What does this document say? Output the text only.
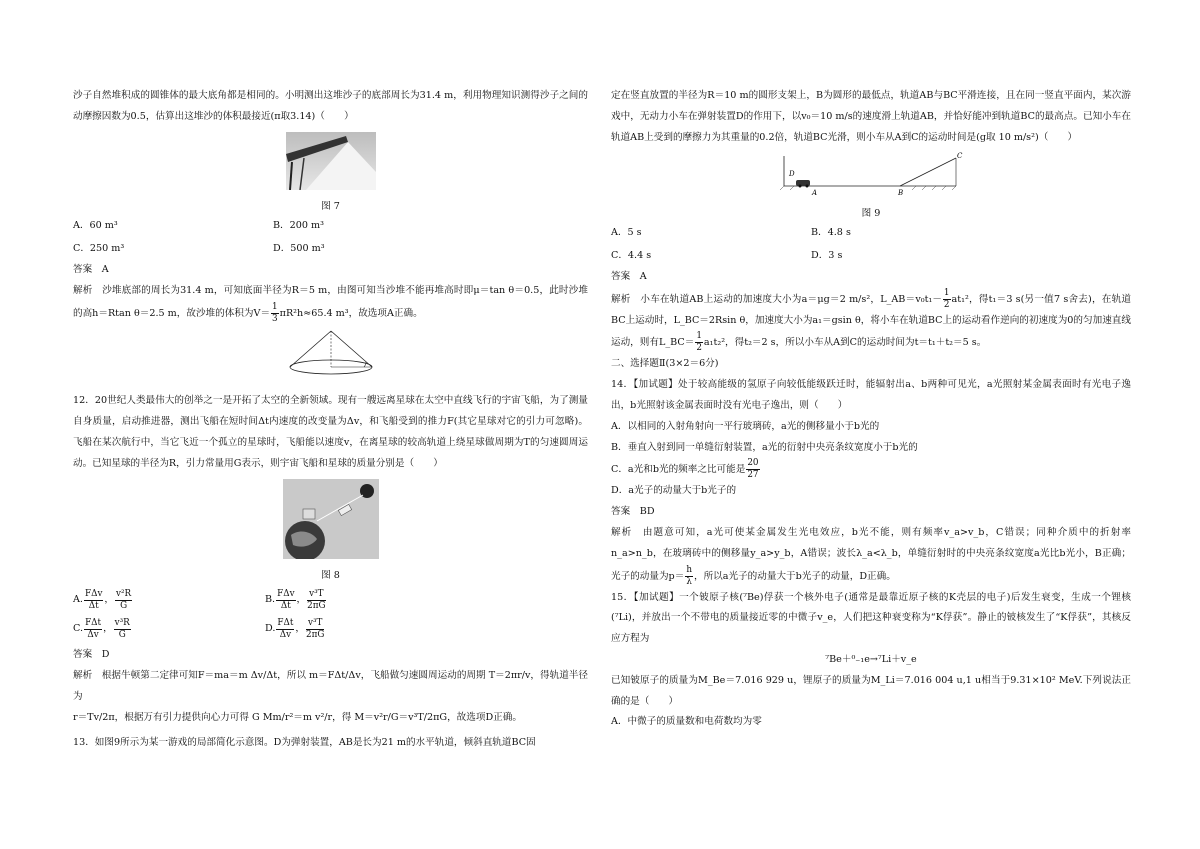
沙子自然堆积成的圆锥体的最大底角都是相同的。小明测出这堆沙子的底部周长为31.4 m，利用物理知识测得沙子之间的动摩擦因数为0.5，估算出这堆沙的体积最接近(π取3.14)（　　）

图 7

A．60 m³	B．200 m³
C．250 m³	D．500 m³

答案　A

解析　沙堆底部的周长为31.4 m，可知底面半径为R＝5 m，由图可知当沙堆不能再堆高时即μ＝tan θ＝0.5，此时沙堆的高h＝Rtan θ＝2.5 m，故沙堆的体积为$V= \frac{1}{3} \pi R^2h\approx 65.4$ m³，故选项A正确。

12．20世纪人类最伟大的创举之一是开拓了太空的全新领域。现有一艘远离星球在太空中直线飞行的宇宙飞船，为了测量自身质量，启动推进器，测出飞船在短时间Δt内速度的改变量为Δv，和飞船受到的推力F(其它星球对它的引力可忽略)。飞船在某次航行中，当它飞近一个孤立的星球时，飞船能以速度v，在离星球的较高轨道上绕星球做周期为T的匀速圆周运动。已知星球的半径为R，引力常量用G表示，则宇宙飞船和星球的质量分别是（　　）

图 8

A. $\frac{\text{FΔv}}{\Delta t}$ ， $\frac{\text{v²R}}{G}$	B. $\frac{\text{FΔv}}{\Delta t}$ ， $\frac{\text{v³T}}{2\pi G}$
C. $\frac{\text{FΔt}}{\Delta v}$ ， $\frac{\text{v³R}}{G}$	D. $\frac{\text{FΔt}}{\Delta v}$ ， $\frac{\text{v³T}}{2\pi G}$

答案　D

解析　根据牛顿第二定律可知F＝ma＝m Δv/Δt，所以 m＝FΔt/Δv，飞船做匀速圆周运动的周期 T＝2πr/v，得轨道半径为

r＝Tv/2π，根据万有引力提供向心力可得 G Mm/r²＝m v²/r，得 M＝v²r/G＝v³T/2πG，故选项D正确。

13．如图9所示为某一游戏的局部简化示意图。D为弹射装置，AB是长为21 m的水平轨道，倾斜直轨道BC固

定在竖直放置的半径为R＝10 m的圆形支架上，B为圆形的最低点，轨道AB与BC平滑连接，且在同一竖直平面内，某次游戏中，无动力小车在弹射装置D的作用下，以v₀＝10 m/s的速度滑上轨道AB，并恰好能冲到轨道BC的最高点。已知小车在轨道AB上受到的摩擦力为其重量的0.2倍，轨道BC光滑，则小车从A到C的运动时间是(g取 10 m/s²)（　　）

D
A	B
C

图 9

A．5 s	B．4.8 s
C．4.4 s	D．3 s

答案　A

解析　小车在轨道AB上运动的加速度大小为a＝μg＝2 m/s²，L_AB＝v₀t₁－ $\frac{1}{2} at_1^2$，得t₁＝3 s(另一值7 s舍去)，在轨道BC上运动时，L_BC＝2Rsin θ，加速度大小为a₁＝gsin θ，将小车在轨道BC上的运动看作逆向的初速度为0的匀加速直线运动，则有L_BC＝ $\frac{1}{2} a_1t_2^2$，得t₂＝2 s，所以小车从A到C的运动时间为t＝t₁＋t₂＝5 s。

二、选择题Ⅱ(3×2＝6分)

14．【加试题】处于较高能级的氢原子向较低能级跃迁时，能辐射出a、b两种可见光，a光照射某金属表面时有光电子逸出，b光照射该金属表面时没有光电子逸出，则（　　）

A．以相同的入射角射向一平行玻璃砖，a光的侧移量小于b光的

B．垂直入射到同一单缝衍射装置，a光的衍射中央亮条纹宽度小于b光的

C．a光和b光的频率之比可能是 $\frac{20}{27}$

D．a光子的动量大于b光子的

答案　BD

解析　由题意可知，a光可使某金属发生光电效应，b光不能，则有频率v_a>v_b，C错误；同种介质中的折射率n_a>n_b，在玻璃砖中的侧移量y_a>y_b，A错误；波长λ_a<λ_b，单缝衍射时的中央亮条纹宽度a光比b光小，B正确；光子的动量为$p= \frac{h}{\lambda}$ ，所以a光子的动量大于b光子的动量，D正确。

15．【加试题】一个铍原子核(⁷Be)俘获一个核外电子(通常是最靠近原子核的K壳层的电子)后发生衰变，生成一个锂核(⁷Li)，并放出一个不带电的质量接近零的中微子v_e，人们把这种衰变称为“K俘获”。静止的铍核发生了“K俘获”，其核反应方程为

⁷Be＋⁰₋₁e→⁷Li＋v_e

已知铍原子的质量为M_Be＝7.016 929 u，锂原子的质量为M_Li＝7.016 004 u,1 u相当于9.31×10² MeV.下列说法正确的是（　　）

A．中微子的质量数和电荷数均为零
